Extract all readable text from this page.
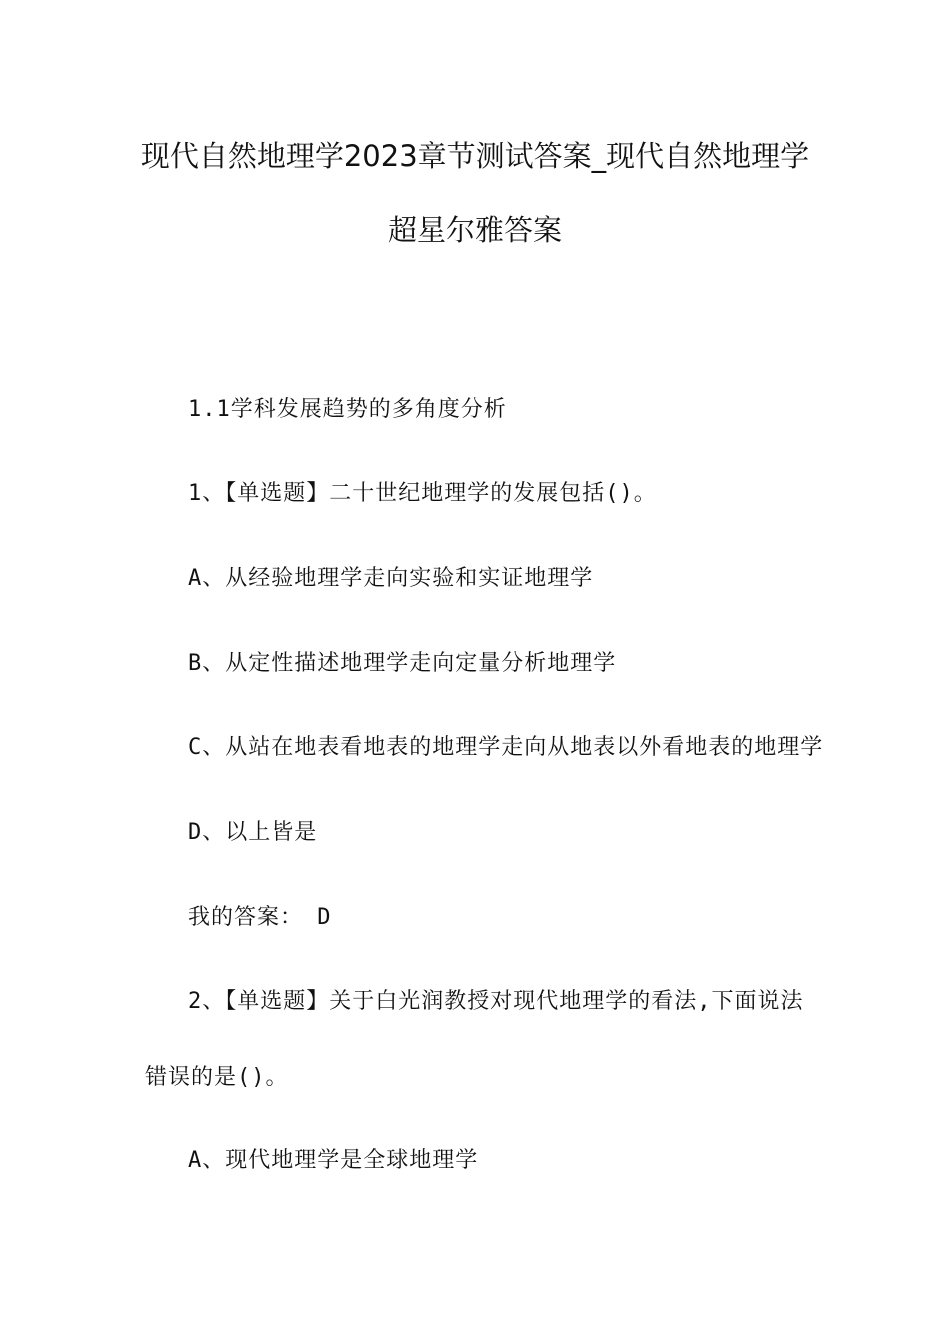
现代自然地理学2023章节测试答案_现代自然地理学
超星尔雅答案
1.1学科发展趋势的多角度分析
1、【单选题】二十世纪地理学的发展包括()。
A、从经验地理学走向实验和实证地理学
B、从定性描述地理学走向定量分析地理学
C、从站在地表看地表的地理学走向从地表以外看地表的地理学
D、以上皆是
我的答案： D
2、【单选题】关于白光润教授对现代地理学的看法,下面说法
错误的是()。
A、现代地理学是全球地理学
